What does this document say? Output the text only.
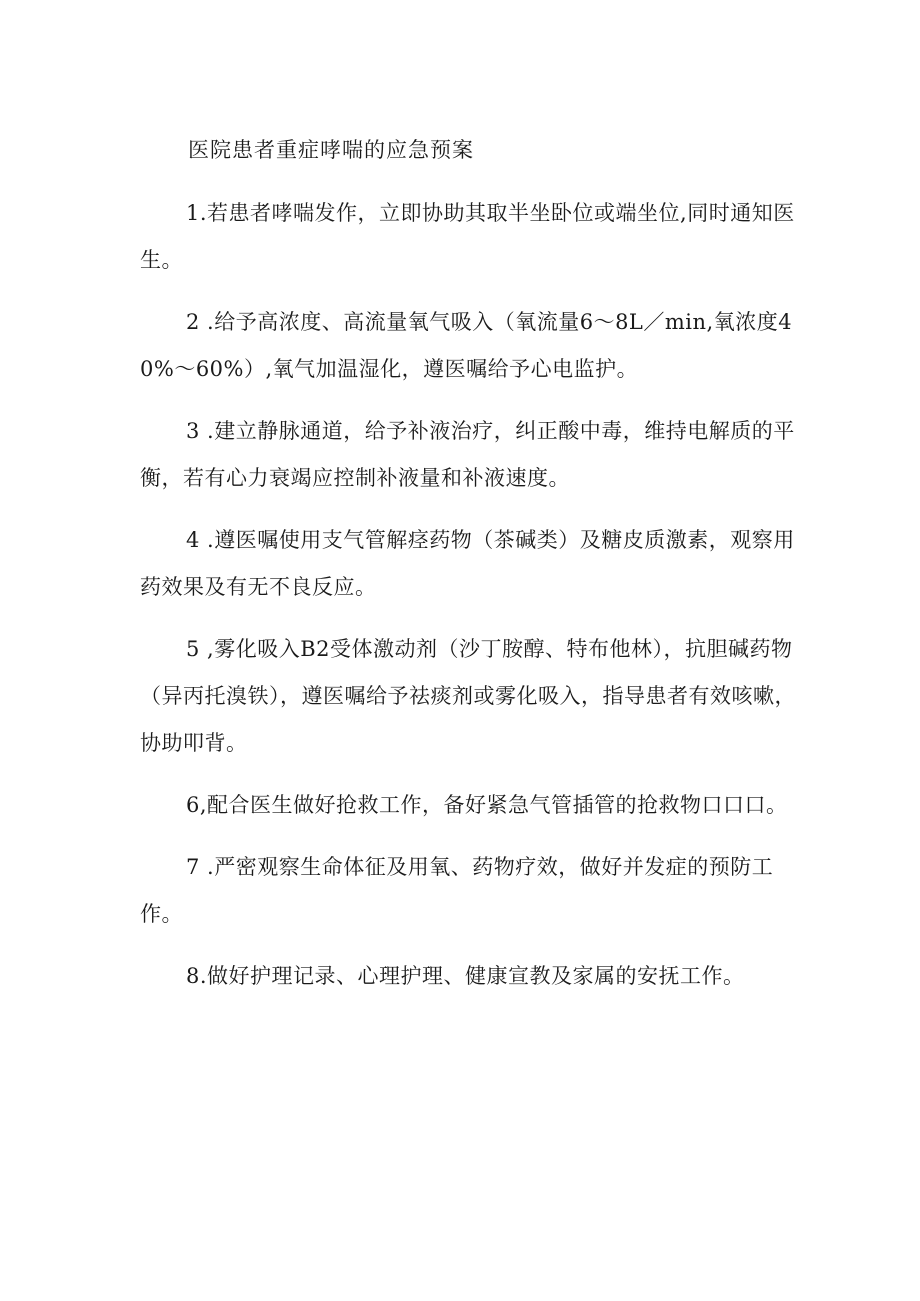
医院患者重症哮喘的应急预案

1.若患者哮喘发作，立即协助其取半坐卧位或端坐位,同时通知医生。

2 .给予高浓度、高流量氧气吸入（氧流量6～8L／min,氧浓度40%～60%）,氧气加温湿化，遵医嘱给予心电监护。

3 .建立静脉通道，给予补液治疗，纠正酸中毒，维持电解质的平衡，若有心力衰竭应控制补液量和补液速度。

4 .遵医嘱使用支气管解痉药物（茶碱类）及糖皮质激素，观察用药效果及有无不良反应。

5 ,雾化吸入B2受体激动剂（沙丁胺醇、特布他林），抗胆碱药物（异丙托溴铁），遵医嘱给予祛痰剂或雾化吸入，指导患者有效咳嗽，协助叩背。

6,配合医生做好抢救工作，备好紧急气管插管的抢救物口口口。

7 .严密观察生命体征及用氧、药物疗效，做好并发症的预防工作。

8.做好护理记录、心理护理、健康宣教及家属的安抚工作。
